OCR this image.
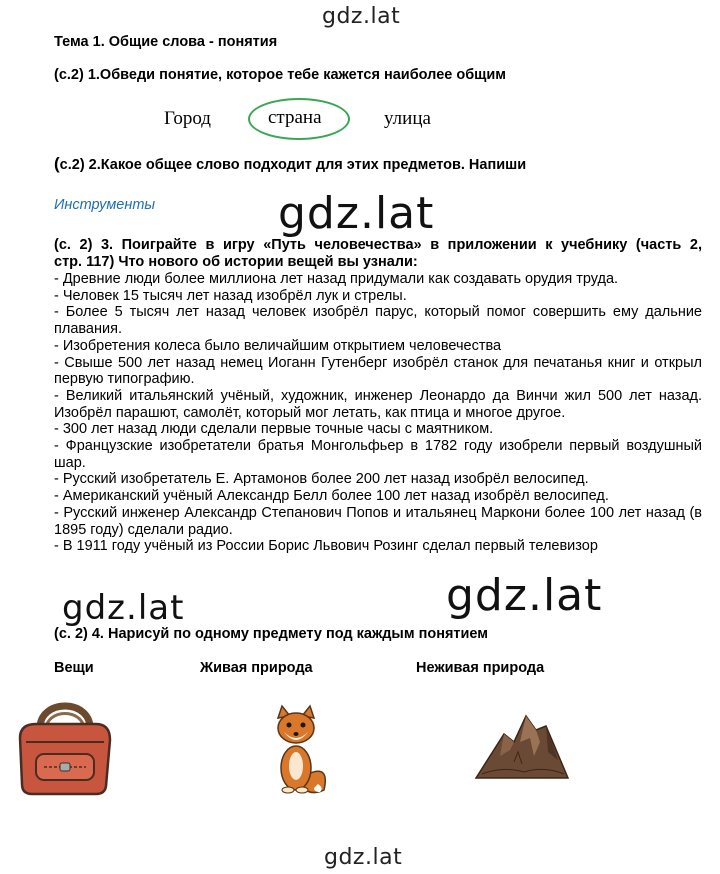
gdz.lat
gdz.lat
gdz.lat	gdz.lat
gdz.lat
Тема 1. Общие слова - понятия
(с.2) 1.Обведи понятие, которое тебе кажется наиболее общим
Город	страна	улица
(с.2) 2.Какое общее слово подходит для этих предметов. Напиши
Инструменты
(с. 2) 3. Поиграйте в игру «Путь человечества» в приложении к учебнику (часть 2,
стр. 117) Что нового об истории вещей вы узнали:
- Древние люди более миллиона лет назад придумали как создавать орудия труда.
- Человек 15 тысяч лет назад изобрёл лук и стрелы.
- Более 5 тысяч лет назад человек изобрёл парус, который помог совершить ему дальние плавания.
- Изобретения колеса было величайшим открытием человечества
- Свыше 500 лет назад немец Иоганн Гутенберг изобрёл станок для печатанья книг и открыл первую типографию.
- Великий итальянский учёный, художник, инженер Леонардо да Винчи жил 500 лет назад. Изобрёл парашют, самолёт, который мог летать, как птица и многое другое.
- 300 лет назад люди сделали первые точные часы с маятником.
- Французские изобретатели братья Монгольфьер в 1782 году изобрели первый воздушный шар.
- Русский изобретатель Е. Артамонов более 200 лет назад изобрёл велосипед.
- Американский учёный Александр Белл более 100 лет назад изобрёл велосипед.
- Русский инженер Александр Степанович Попов и итальянец Маркони более 100 лет назад (в 1895 году) сделали радио.
- В 1911 году учёный из России Борис Львович Розинг сделал первый телевизор
(с. 2) 4. Нарисуй по одному предмету под каждым понятием
Вещи	Живая природа	Неживая природа
